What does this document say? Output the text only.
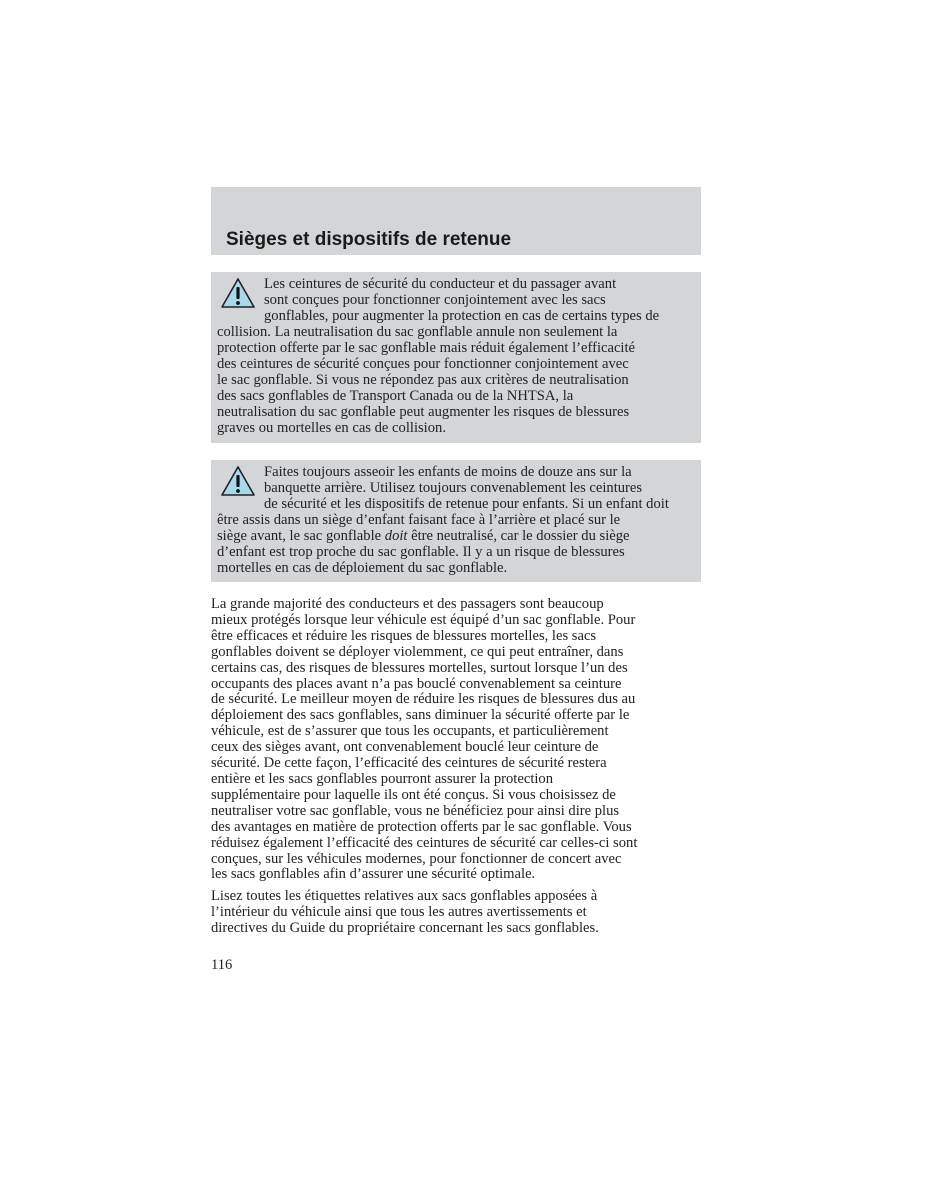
Sièges et dispositifs de retenue

Les ceintures de sécurité du conducteur et du passager avant
sont conçues pour fonctionner conjointement avec les sacs
gonflables, pour augmenter la protection en cas de certains types de
collision. La neutralisation du sac gonflable annule non seulement la
protection offerte par le sac gonflable mais réduit également l’efficacité
des ceintures de sécurité conçues pour fonctionner conjointement avec
le sac gonflable. Si vous ne répondez pas aux critères de neutralisation
des sacs gonflables de Transport Canada ou de la NHTSA, la
neutralisation du sac gonflable peut augmenter les risques de blessures
graves ou mortelles en cas de collision.

Faites toujours asseoir les enfants de moins de douze ans sur la
banquette arrière. Utilisez toujours convenablement les ceintures
de sécurité et les dispositifs de retenue pour enfants. Si un enfant doit
être assis dans un siège d’enfant faisant face à l’arrière et placé sur le
siège avant, le sac gonflable doit être neutralisé, car le dossier du siège
d’enfant est trop proche du sac gonflable. Il y a un risque de blessures
mortelles en cas de déploiement du sac gonflable.

La grande majorité des conducteurs et des passagers sont beaucoup
mieux protégés lorsque leur véhicule est équipé d’un sac gonflable. Pour
être efficaces et réduire les risques de blessures mortelles, les sacs
gonflables doivent se déployer violemment, ce qui peut entraîner, dans
certains cas, des risques de blessures mortelles, surtout lorsque l’un des
occupants des places avant n’a pas bouclé convenablement sa ceinture
de sécurité. Le meilleur moyen de réduire les risques de blessures dus au
déploiement des sacs gonflables, sans diminuer la sécurité offerte par le
véhicule, est de s’assurer que tous les occupants, et particulièrement
ceux des sièges avant, ont convenablement bouclé leur ceinture de
sécurité. De cette façon, l’efficacité des ceintures de sécurité restera
entière et les sacs gonflables pourront assurer la protection
supplémentaire pour laquelle ils ont été conçus. Si vous choisissez de
neutraliser votre sac gonflable, vous ne bénéficiez pour ainsi dire plus
des avantages en matière de protection offerts par le sac gonflable. Vous
réduisez également l’efficacité des ceintures de sécurité car celles-ci sont
conçues, sur les véhicules modernes, pour fonctionner de concert avec
les sacs gonflables afin d’assurer une sécurité optimale.

Lisez toutes les étiquettes relatives aux sacs gonflables apposées à
l’intérieur du véhicule ainsi que tous les autres avertissements et
directives du Guide du propriétaire concernant les sacs gonflables.

116
